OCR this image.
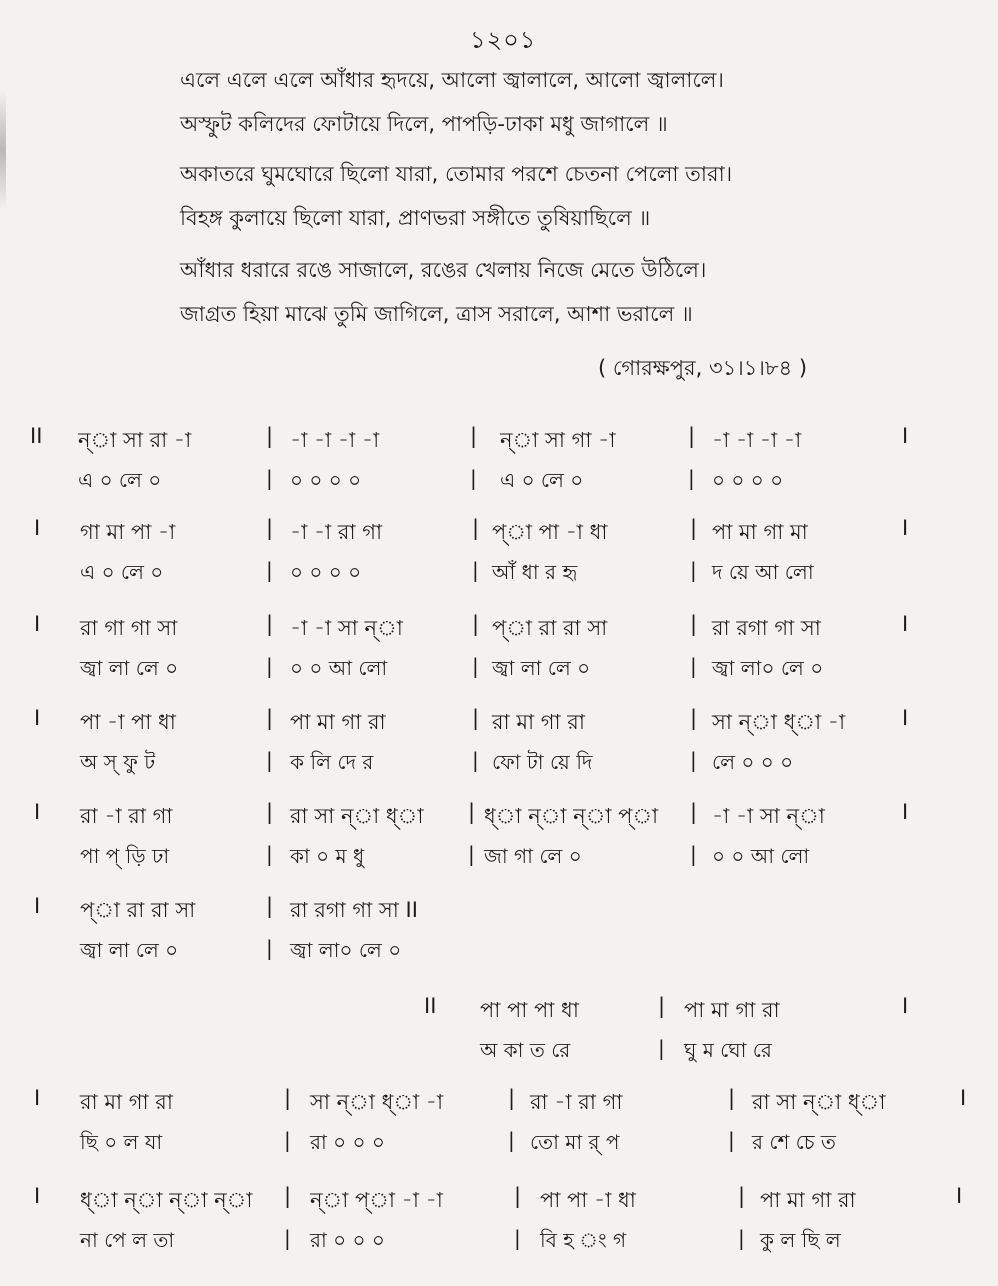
১২০১
এলে এলে এলে আঁধার হৃদয়ে, আলো জ্বালালে, আলো জ্বালালে।
অস্ফুট কলিদের ফোটায়ে দিলে, পাপড়ি-ঢাকা মধু জাগালে ॥
অকাতরে ঘুমঘোরে ছিলো যারা, তোমার পরশে চেতনা পেলো তারা।
বিহঙ্গ কুলায়ে ছিলো যারা, প্রাণভরা সঙ্গীতে তুষিয়াছিলে ॥
আঁধার ধরারে রঙে সাজালে, রঙের খেলায় নিজে মেতে উঠিলে।
জাগ্রত হিয়া মাঝে তুমি জাগিলে, ত্রাস সরালে, আশা ভরালে ॥
( গোরক্ষপুর, ৩১।১।৮৪ )
II	I
ন্‌া সা রা -া	-া -া -া -া	ন্‌া সা গা -া	-া -া -া -া
এ ০ লে ০	০ ০ ০ ০	এ ০ লে ০	০ ০ ০ ০
|
|
|
|
|
|
I	I
গা মা পা -া	-া -া রা গা	প্‌া পা -া ধা	পা মা গা মা
এ ০ লে ০	০ ০ ০ ০	আঁ ধা র হৃ	দ য়ে আ লো
|
|
|
|
|
|
I	I
রা গা গা সা	-া -া সা ন্‌া	প্‌া রা রা সা	রা রগা গা সা
জ্বা লা লে ০	০ ০ আ লো	জ্বা লা লে ০	জ্বা লা০ লে ০
|
|
|
|
|
|
I	I
পা -া পা ধা	পা মা গা রা	রা মা গা রা	সা ন্‌া ধ্‌া -া
অ স্ ফু ট	ক লি দে র	ফো টা য়ে দি	লে ০ ০ ০
|
|
|
|
|
|
I	I
রা -া রা গা	রা সা ন্‌া ধ্‌া	ধ্‌া ন্‌া ন্‌া প্‌া	-া -া সা ন্‌া
পা প্ ড়ি ঢা	কা ০ ম ধু	জা গা লে ০	০ ০ আ লো
|
|
|
|
|
|
I প্‌া রা রা সা	রা রগা গা সা II
জ্বা লা লে ০	জ্বা লা০ লে ০
|
|
II	I
পা পা পা ধা	পা মা গা রা
অ কা ত রে	ঘু ম ঘো রে
|
|
I	I
রা মা গা রা	সা ন্‌া ধ্‌া -া	রা -া রা গা	রা সা ন্‌া ধ্‌া
ছি ০ ল যা	রা ০ ০ ০	তো মা র্ প	র শে চে ত
|
|
|
|
|
|
I	I
ধ্‌া ন্‌া ন্‌া ন্‌া	ন্‌া প্‌া -া -া	পা পা -া ধা	পা মা গা রা
না পে ল তা	রা ০ ০ ০	বি হ ং গ	কু ল ছি ল
|
|
|
|
|
|
